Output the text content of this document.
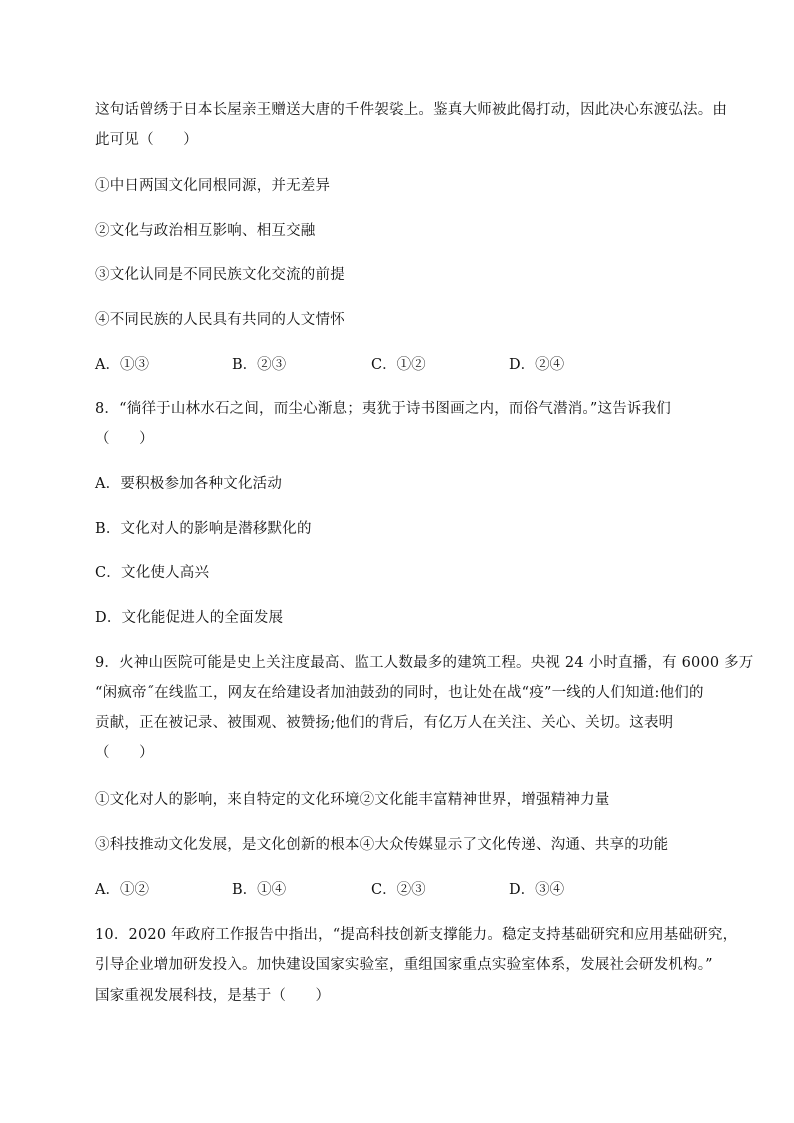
这句话曾绣于日本长屋亲王赠送大唐的千件袈裟上。鉴真大师被此偈打动，因此决心东渡弘法。由
此可见（　　）
①中日两国文化同根同源，并无差异
②文化与政治相互影响、相互交融
③文化认同是不同民族文化交流的前提
④不同民族的人民具有共同的人文情怀
A．①③	B．②③	C．①②	D．②④
8．“徜徉于山林水石之间，而尘心渐息；夷犹于诗书图画之内，而俗气潜消。”这告诉我们
（　　）
A．要积极参加各种文化活动
B．文化对人的影响是潜移默化的
C．文化使人高兴
D．文化能促进人的全面发展
9．火神山医院可能是史上关注度最高、监工人数最多的建筑工程。央视 24 小时直播，有 6000 多万
“闲疯帝˝在线监工，网友在给建设者加油鼓劲的同时，也让处在战“疫”一线的人们知道:他们的
贡献，正在被记录、被围观、被赞扬;他们的背后，有亿万人在关注、关心、关切。这表明
（　　）
①文化对人的影响，来自特定的文化环境②文化能丰富精神世界，增强精神力量
③科技推动文化发展，是文化创新的根本④大众传媒显示了文化传递、沟通、共享的功能
A．①②	B．①④	C．②③	D．③④
10．2020 年政府工作报告中指出，“提高科技创新支撑能力。稳定支持基础研究和应用基础研究，
引导企业增加研发投入。加快建设国家实验室，重组国家重点实验室体系，发展社会研发机构。”
国家重视发展科技，是基于（　　）
